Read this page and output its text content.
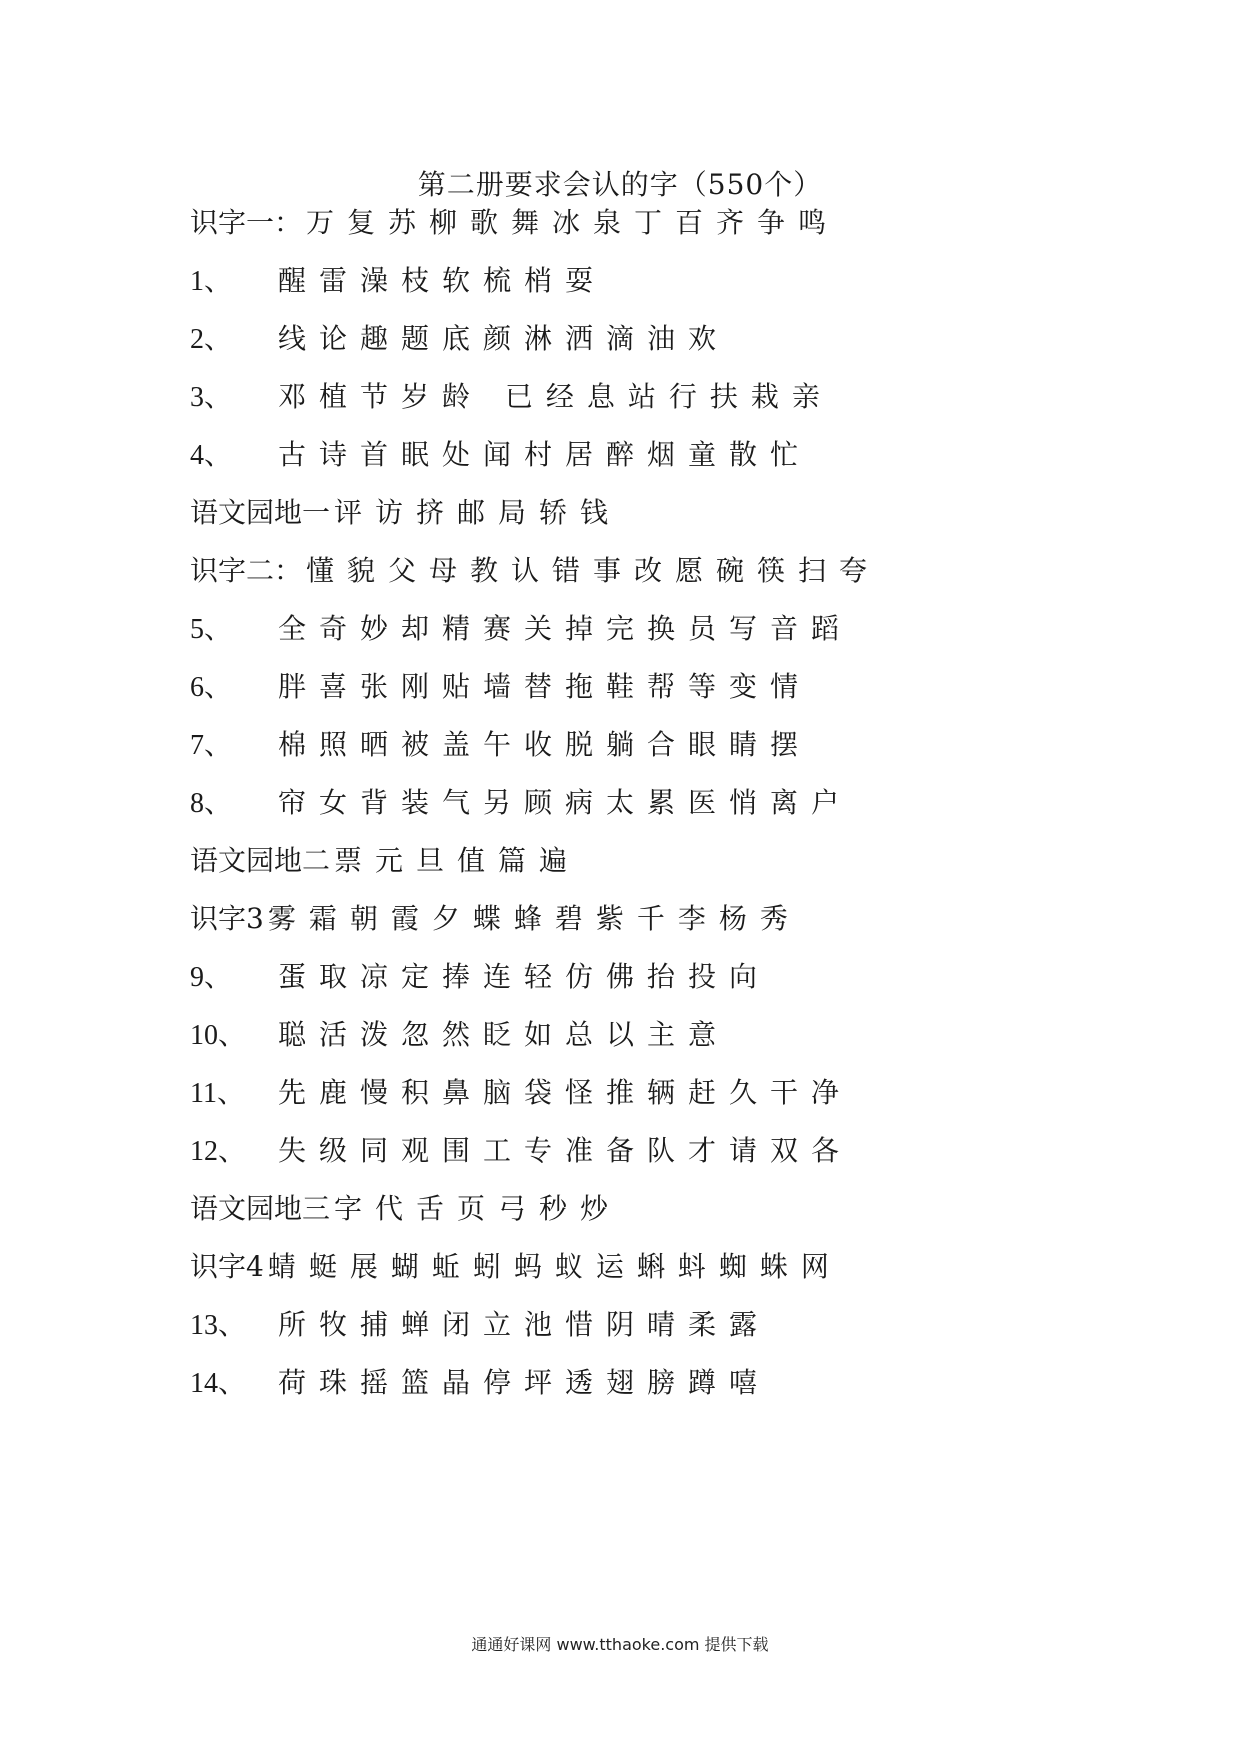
第二册要求会认的字（550个）
识字一： 万复苏柳歌舞冰泉丁百齐争鸣
1、 醒雷澡枝软梳梢耍
2、 线论趣题底颜淋洒滴油欢
3、 邓植节岁龄 已经息站行扶栽亲
4、 古诗首眠处闻村居醉烟童散忙
语文园地一 评访挤邮局轿钱
识字二： 懂貌父母教认错事改愿碗筷扫夸
5、 全奇妙却精赛关掉完换员写音蹈
6、 胖喜张刚贴墙替拖鞋帮等变情
7、 棉照晒被盖午收脱躺合眼睛摆
8、 帘女背装气另顾病太累医悄离户
语文园地二 票元旦值篇遍
识字3 雾霜朝霞夕蝶蜂碧紫千李杨秀
9、 蛋取凉定捧连轻仿佛抬投向
10、 聪活泼忽然眨如总以主意
11、 先鹿慢积鼻脑袋怪推辆赶久干净
12、 失级同观围工专准备队才请双各
语文园地三 字代舌页弓秒炒
识字4 蜻蜓展蝴蚯蚓蚂蚁运蝌蚪蜘蛛网
13、 所牧捕蝉闭立池惜阴晴柔露
14、 荷珠摇篮晶停坪透翅膀蹲嘻
通通好课网 www.tthaoke.com 提供下载
